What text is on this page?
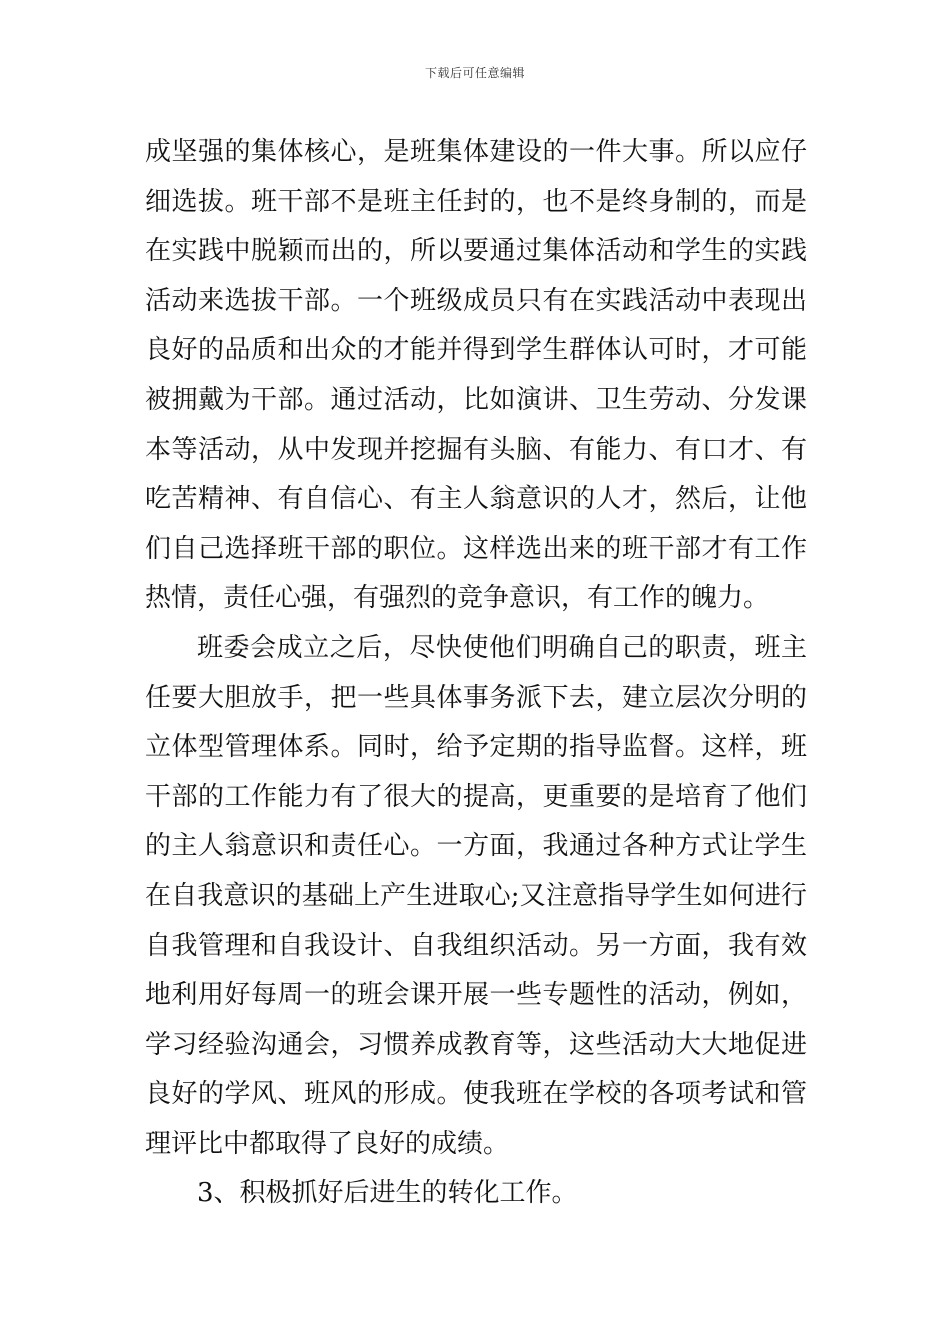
下载后可任意编辑
成坚强的集体核心，是班集体建设的一件大事。所以应仔
细选拔。班干部不是班主任封的，也不是终身制的，而是
在实践中脱颖而出的，所以要通过集体活动和学生的实践
活动来选拔干部。一个班级成员只有在实践活动中表现出
良好的品质和出众的才能并得到学生群体认可时，才可能
被拥戴为干部。通过活动，比如演讲、卫生劳动、分发课
本等活动，从中发现并挖掘有头脑、有能力、有口才、有
吃苦精神、有自信心、有主人翁意识的人才，然后，让他
们自己选择班干部的职位。这样选出来的班干部才有工作
热情，责任心强，有强烈的竞争意识，有工作的魄力。
班委会成立之后，尽快使他们明确自己的职责，班主
任要大胆放手，把一些具体事务派下去，建立层次分明的
立体型管理体系。同时，给予定期的指导监督。这样，班
干部的工作能力有了很大的提高，更重要的是培育了他们
的主人翁意识和责任心。一方面，我通过各种方式让学生
在自我意识的基础上产生进取心;又注意指导学生如何进行
自我管理和自我设计、自我组织活动。另一方面，我有效
地利用好每周一的班会课开展一些专题性的活动，例如，
学习经验沟通会，习惯养成教育等，这些活动大大地促进
良好的学风、班风的形成。使我班在学校的各项考试和管
理评比中都取得了良好的成绩。
3、积极抓好后进生的转化工作。
